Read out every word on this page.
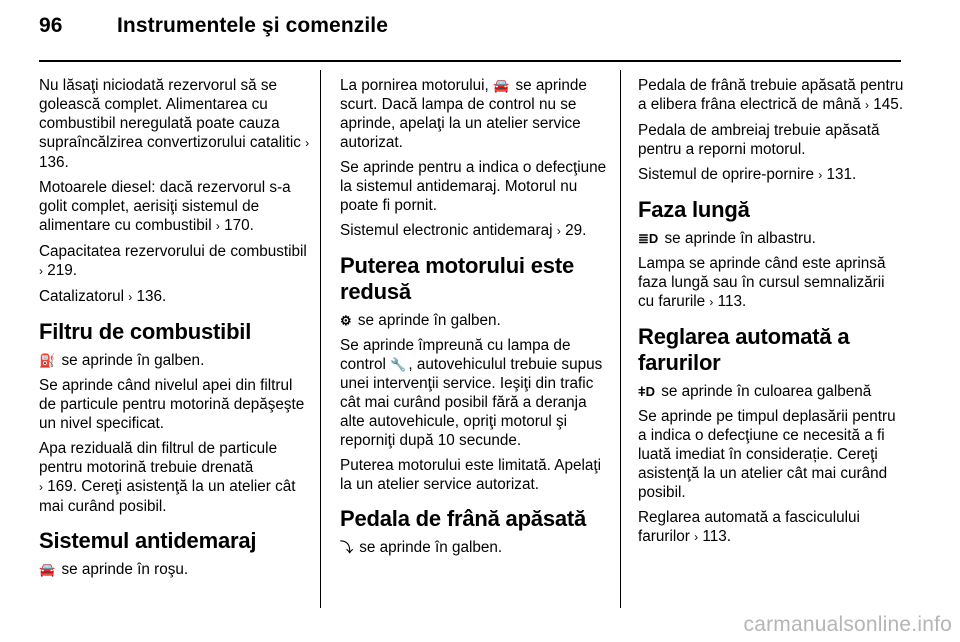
96	Instrumentele şi comenzile

Nu lăsaţi niciodată rezervorul să se golească complet. Alimentarea cu combustibil neregulată poate cauza supraîncălzirea convertizorului catalitic › 136.

Motoarele diesel: dacă rezervorul s-a golit complet, aerisiţi sistemul de alimentare cu combustibil › 170.

Capacitatea rezervorului de combustibil › 219.

Catalizatorul › 136.

Filtru de combustibil

⛽ se aprinde în galben.

Se aprinde când nivelul apei din filtrul de particule pentru motorină depăşeşte un nivel specificat.

Apa reziduală din filtrul de particule pentru motorină trebuie drenată
› 169. Cereţi asistenţă la un atelier cât mai curând posibil.

Sistemul antidemaraj

🚘 se aprinde în roşu.

La pornirea motorului, 🚘 se aprinde scurt. Dacă lampa de control nu se aprinde, apelaţi la un atelier service autorizat.

Se aprinde pentru a indica o defecţiune la sistemul antidemaraj. Motorul nu poate fi pornit.

Sistemul electronic antidemaraj › 29.

Puterea motorului este redusă

⚙ se aprinde în galben.

Se aprinde împreună cu lampa de control 🔧 , autovehiculul trebuie supus unei intervenţii service. Ieşiţi din trafic cât mai curând posibil fără a deranja alte autovehicule, opriţi motorul şi reporniţi după 10 secunde.

Puterea motorului este limitată. Apelaţi la un atelier service autorizat.

Pedala de frână apăsată

⤵ se aprinde în galben.

Pedala de frână trebuie apăsată pentru a elibera frâna electrică de mână › 145.

Pedala de ambreiaj trebuie apăsată pentru a reporni motorul.

Sistemul de oprire-pornire › 131.

Faza lungă

≣D se aprinde în albastru.

Lampa se aprinde când este aprinsă faza lungă sau în cursul semnalizării cu farurile › 113.

Reglarea automată a farurilor

ǂD se aprinde în culoarea galbenă

Se aprinde pe timpul deplasării pentru a indica o defecţiune ce necesită a fi luată imediat în considerație. Cereţi asistenţă la un atelier cât mai curând posibil.

Reglarea automată a fasciculului farurilor › 113.

carmanualsonline.info
